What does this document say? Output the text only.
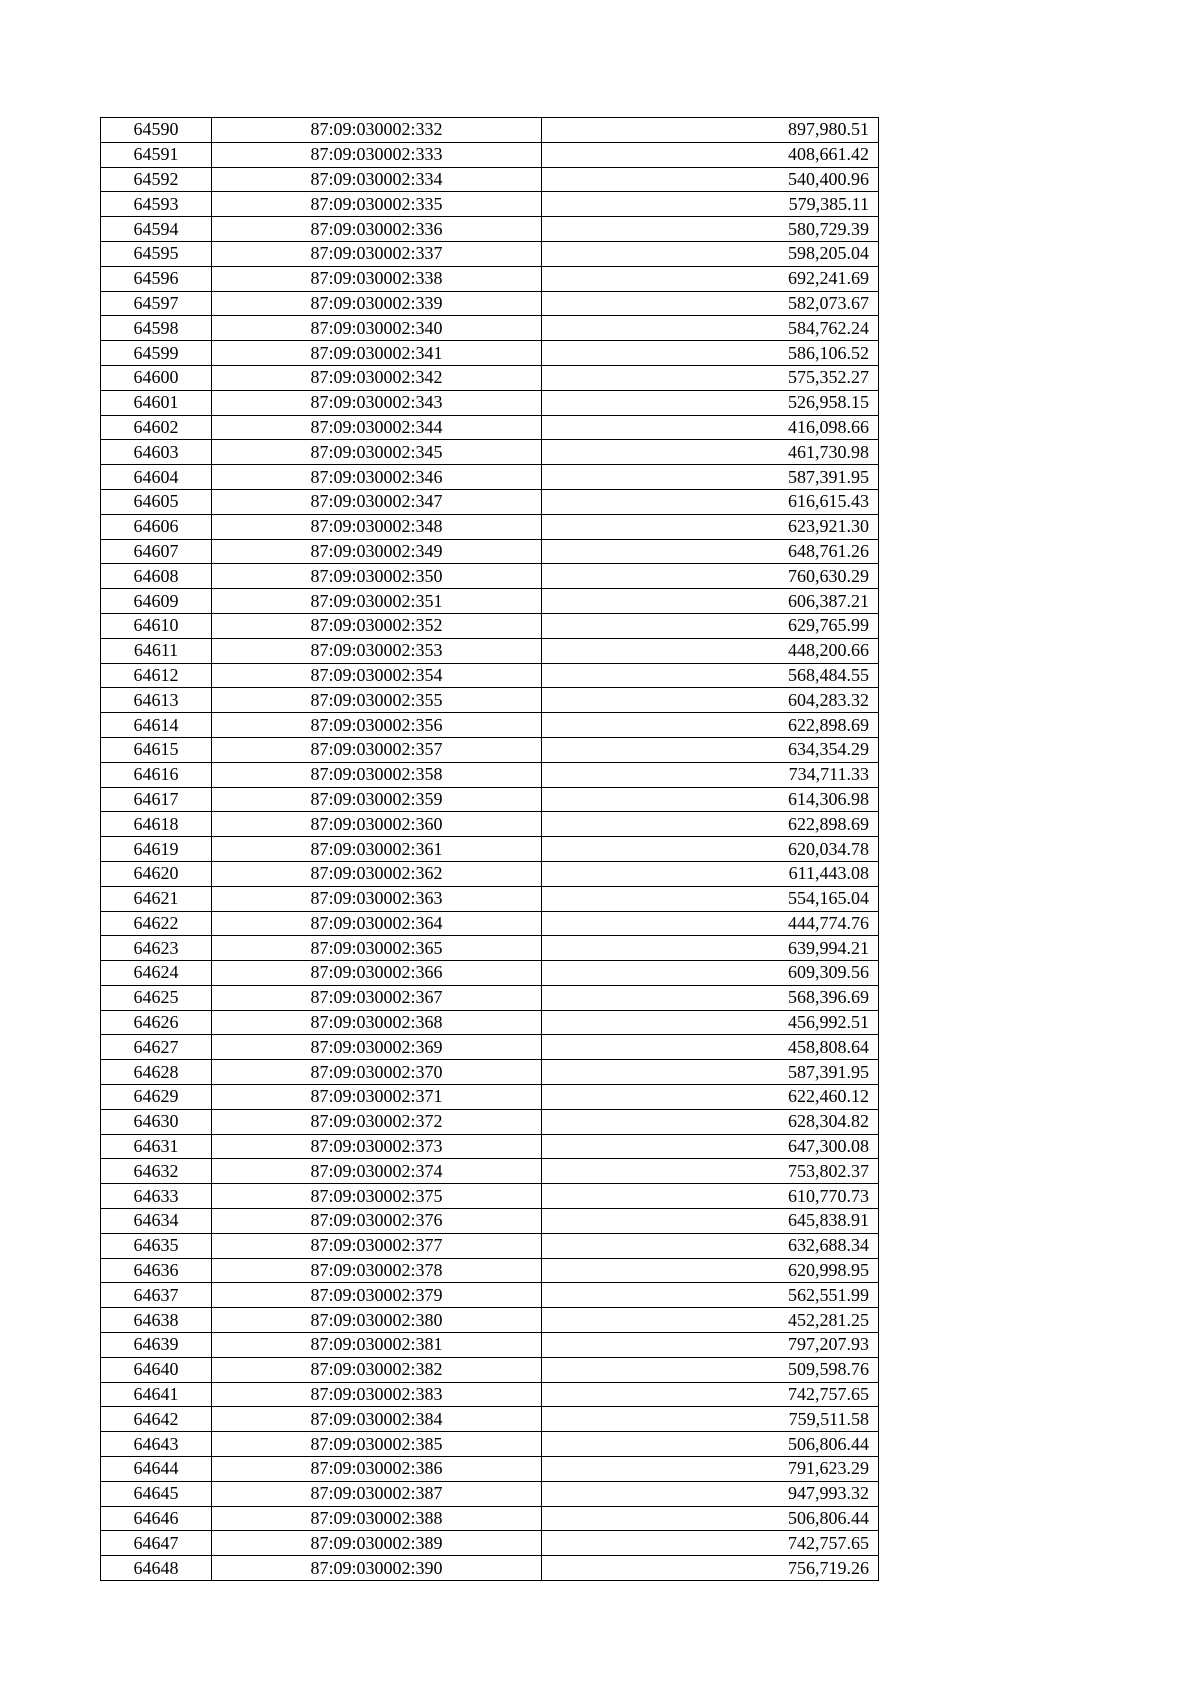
64590	87:09:030002:332	897,980.51
64591	87:09:030002:333	408,661.42
64592	87:09:030002:334	540,400.96
64593	87:09:030002:335	579,385.11
64594	87:09:030002:336	580,729.39
64595	87:09:030002:337	598,205.04
64596	87:09:030002:338	692,241.69
64597	87:09:030002:339	582,073.67
64598	87:09:030002:340	584,762.24
64599	87:09:030002:341	586,106.52
64600	87:09:030002:342	575,352.27
64601	87:09:030002:343	526,958.15
64602	87:09:030002:344	416,098.66
64603	87:09:030002:345	461,730.98
64604	87:09:030002:346	587,391.95
64605	87:09:030002:347	616,615.43
64606	87:09:030002:348	623,921.30
64607	87:09:030002:349	648,761.26
64608	87:09:030002:350	760,630.29
64609	87:09:030002:351	606,387.21
64610	87:09:030002:352	629,765.99
64611	87:09:030002:353	448,200.66
64612	87:09:030002:354	568,484.55
64613	87:09:030002:355	604,283.32
64614	87:09:030002:356	622,898.69
64615	87:09:030002:357	634,354.29
64616	87:09:030002:358	734,711.33
64617	87:09:030002:359	614,306.98
64618	87:09:030002:360	622,898.69
64619	87:09:030002:361	620,034.78
64620	87:09:030002:362	611,443.08
64621	87:09:030002:363	554,165.04
64622	87:09:030002:364	444,774.76
64623	87:09:030002:365	639,994.21
64624	87:09:030002:366	609,309.56
64625	87:09:030002:367	568,396.69
64626	87:09:030002:368	456,992.51
64627	87:09:030002:369	458,808.64
64628	87:09:030002:370	587,391.95
64629	87:09:030002:371	622,460.12
64630	87:09:030002:372	628,304.82
64631	87:09:030002:373	647,300.08
64632	87:09:030002:374	753,802.37
64633	87:09:030002:375	610,770.73
64634	87:09:030002:376	645,838.91
64635	87:09:030002:377	632,688.34
64636	87:09:030002:378	620,998.95
64637	87:09:030002:379	562,551.99
64638	87:09:030002:380	452,281.25
64639	87:09:030002:381	797,207.93
64640	87:09:030002:382	509,598.76
64641	87:09:030002:383	742,757.65
64642	87:09:030002:384	759,511.58
64643	87:09:030002:385	506,806.44
64644	87:09:030002:386	791,623.29
64645	87:09:030002:387	947,993.32
64646	87:09:030002:388	506,806.44
64647	87:09:030002:389	742,757.65
64648	87:09:030002:390	756,719.26
